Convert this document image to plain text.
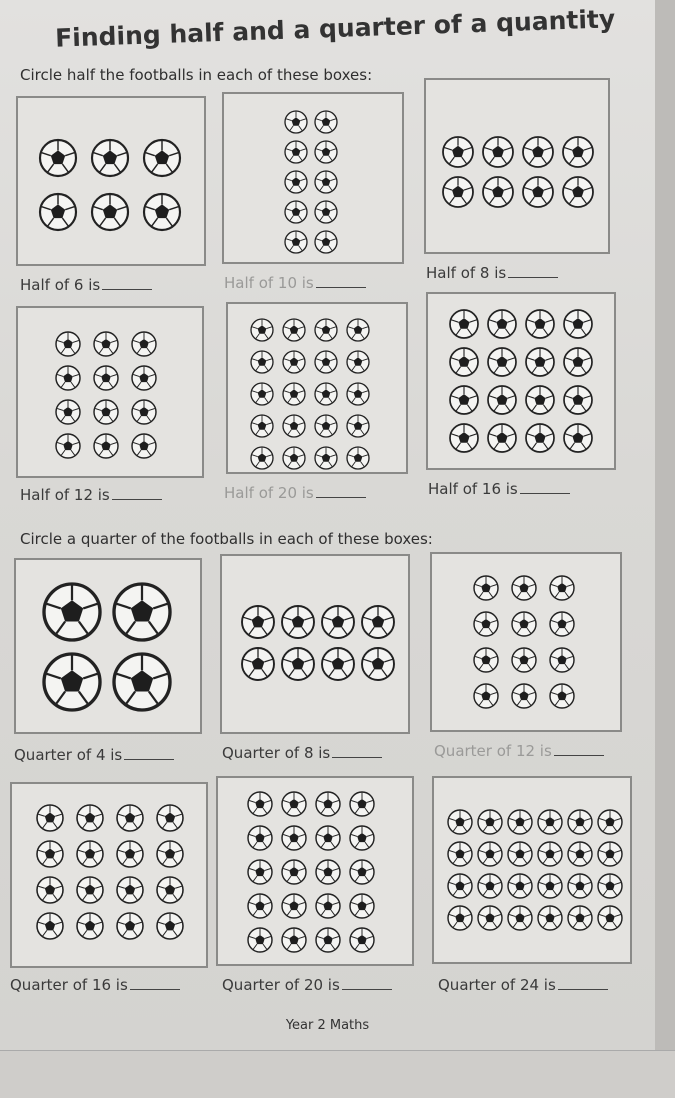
Finding half and a quarter of a quantity
Circle half the footballs in each of these boxes:
Half of 6 is	Half of 10 is
Half of 8 is
Half of 12 is	Half of 20 is	Half of 16 is
Circle a quarter of the footballs in each of these boxes:
Quarter of 4 is	Quarter of 8 is	Quarter of 12 is
Quarter of 16 is	Quarter of 20 is	Quarter of 24 is
Year 2 Maths
